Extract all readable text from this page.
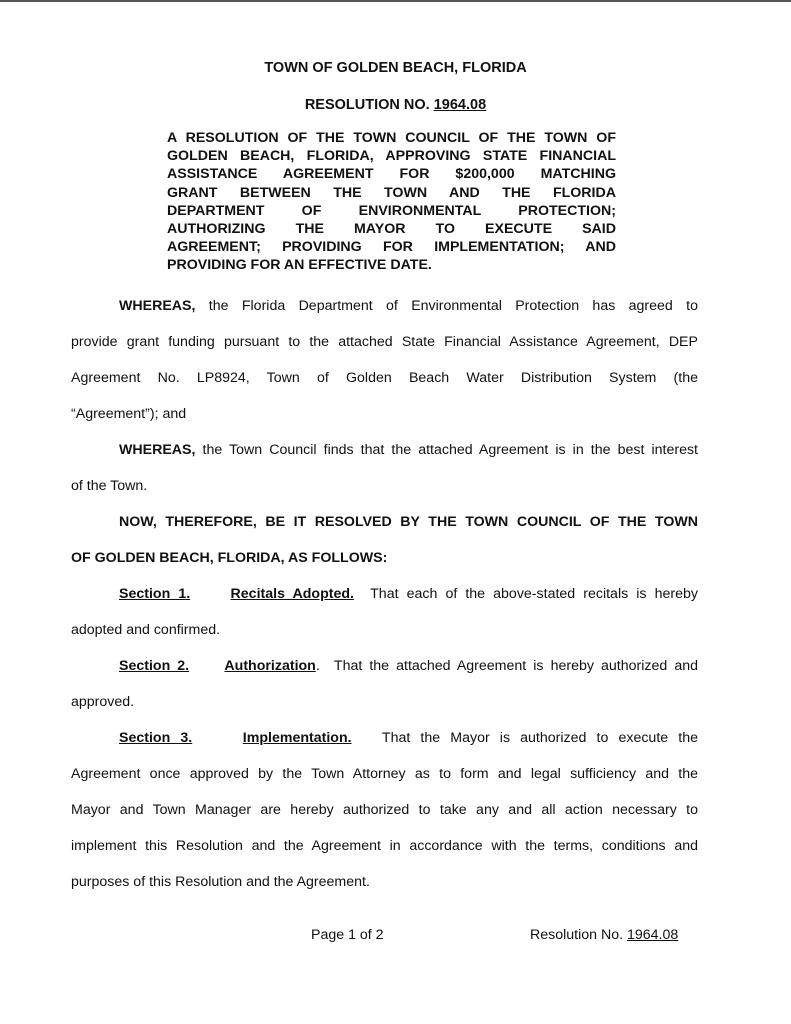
TOWN OF GOLDEN BEACH, FLORIDA
RESOLUTION NO. 1964.08
A RESOLUTION OF THE TOWN COUNCIL OF THE TOWN OF
GOLDEN BEACH, FLORIDA, APPROVING STATE FINANCIAL
ASSISTANCE AGREEMENT FOR $200,000 MATCHING
GRANT BETWEEN THE TOWN AND THE FLORIDA
DEPARTMENT OF ENVIRONMENTAL PROTECTION;
AUTHORIZING THE MAYOR TO EXECUTE SAID
AGREEMENT; PROVIDING FOR IMPLEMENTATION; AND
PROVIDING FOR AN EFFECTIVE DATE.
WHEREAS, the Florida Department of Environmental Protection has agreed to
provide grant funding pursuant to the attached State Financial Assistance Agreement, DEP
Agreement No. LP8924, Town of Golden Beach Water Distribution System (the
“Agreement”); and
WHEREAS, the Town Council finds that the attached Agreement is in the best interest
of the Town.
NOW, THEREFORE, BE IT RESOLVED BY THE TOWN COUNCIL OF THE TOWN
OF GOLDEN BEACH, FLORIDA, AS FOLLOWS:
Section 1.	Recitals Adopted. That each of the above-stated recitals is hereby
adopted and confirmed.
Section 2. Authorization. That the attached Agreement is hereby authorized and
approved.
Section 3.	Implementation. That the Mayor is authorized to execute the
Agreement once approved by the Town Attorney as to form and legal sufficiency and the
Mayor and Town Manager are hereby authorized to take any and all action necessary to
implement this Resolution and the Agreement in accordance with the terms, conditions and
purposes of this Resolution and the Agreement.
Page 1 of 2	Resolution No. 1964.08
